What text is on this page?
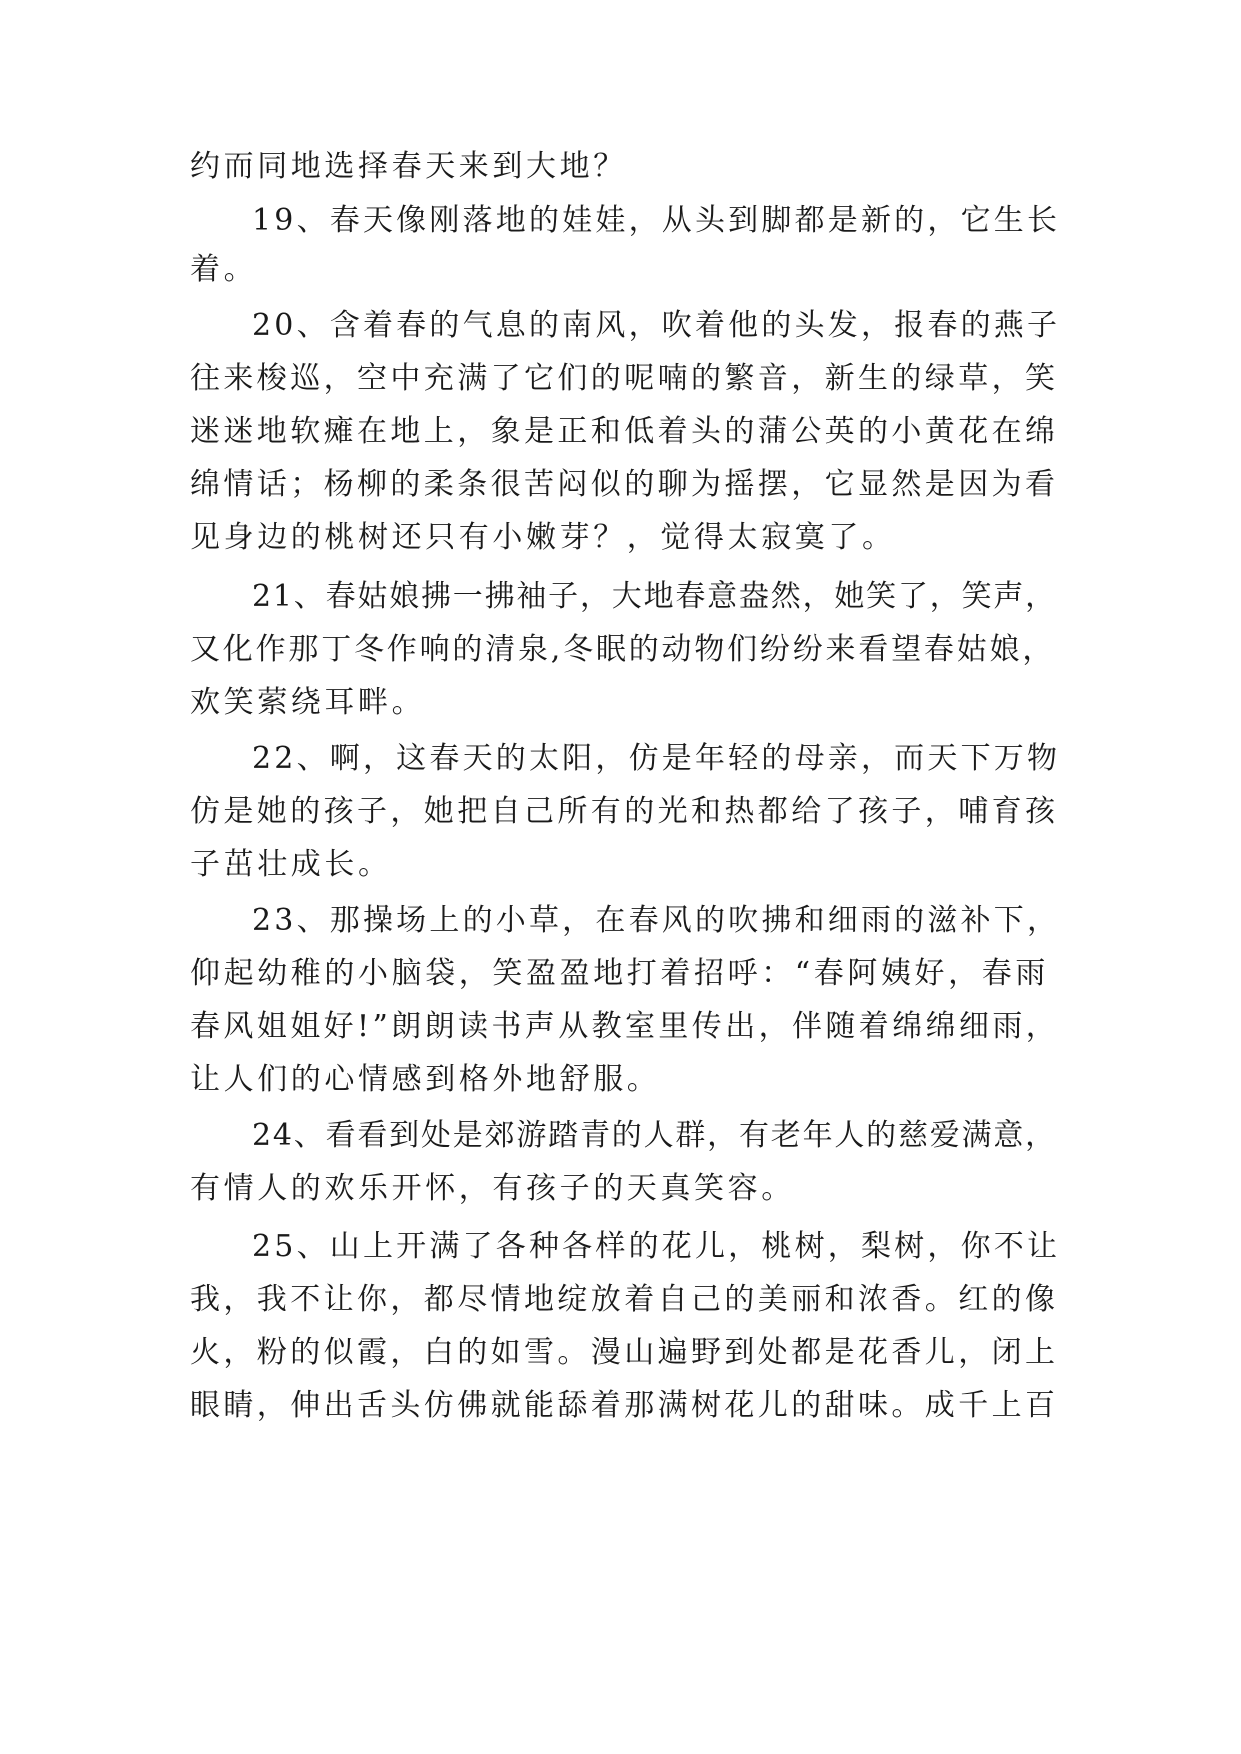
约而同地选择春天来到大地？

19、春天像刚落地的娃娃，从头到脚都是新的，它生长

着。

20、含着春的气息的南风，吹着他的头发，报春的燕子

往来梭巡，空中充满了它们的呢喃的繁音，新生的绿草，笑

迷迷地软瘫在地上，象是正和低着头的蒲公英的小黄花在绵

绵情话；杨柳的柔条很苦闷似的聊为摇摆，它显然是因为看

见身边的桃树还只有小嫩芽？，觉得太寂寞了。

21、春姑娘拂一拂袖子，大地春意盎然，她笑了，笑声，

又化作那丁冬作响的清泉,冬眠的动物们纷纷来看望春姑娘，

欢笑萦绕耳畔。

22、啊，这春天的太阳，仿是年轻的母亲，而天下万物

仿是她的孩子，她把自己所有的光和热都给了孩子，哺育孩

子茁壮成长。

23、那操场上的小草，在春风的吹拂和细雨的滋补下，

仰起幼稚的小脑袋，笑盈盈地打着招呼：“春阿姨好，春雨

春风姐姐好!”朗朗读书声从教室里传出，伴随着绵绵细雨，

让人们的心情感到格外地舒服。

24、看看到处是郊游踏青的人群，有老年人的慈爱满意，

有情人的欢乐开怀，有孩子的天真笑容。

25、山上开满了各种各样的花儿，桃树，梨树，你不让

我，我不让你，都尽情地绽放着自己的美丽和浓香。红的像

火，粉的似霞，白的如雪。漫山遍野到处都是花香儿，闭上

眼睛，伸出舌头仿佛就能舔着那满树花儿的甜味。成千上百
